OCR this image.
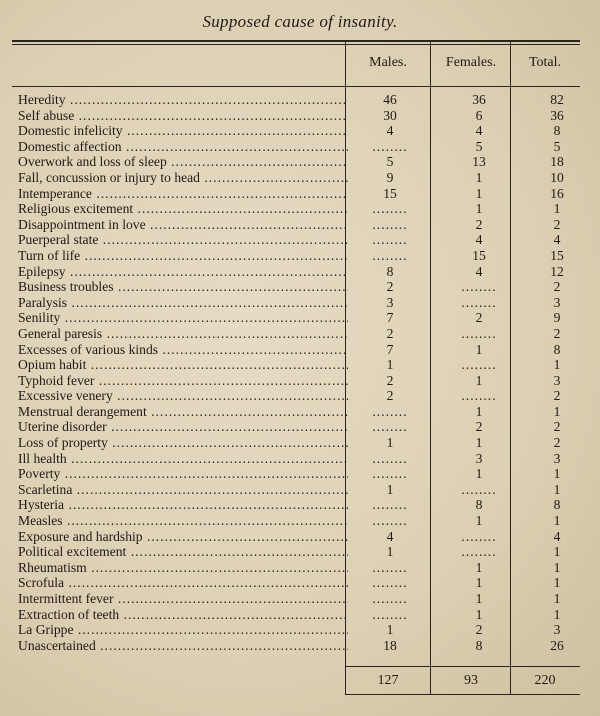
Supposed cause of insanity.
Males.	Females.	Total.
Heredity .....	46	36	82
Self abuse .....	30	6	36
Domestic infelicity .....	4	4	8
Domestic affection .....	........	5	5
Overwork and loss of sleep .....	5	13	18
Fall, concussion or injury to head .....	9	1	10
Intemperance .....	15	1	16
Religious excitement .....	........	1	1
Disappointment in love .....	........	2	2
Puerperal state .....	........	4	4
Turn of life .....	........	15	15
Epilepsy .....	8	4	12
Business troubles .....	2	........	2
Paralysis .....	3	........	3
Senility .....	7	2	9
General paresis .....	2	........	2
Excesses of various kinds .....	7	1	8
Opium habit .....	1	........	1
Typhoid fever .....	2	1	3
Excessive venery .....	2	........	2
Menstrual derangement .....	........	1	1
Uterine disorder .....	........	2	2
Loss of property .....	1	1	2
Ill health .....	........	3	3
Poverty .....	........	1	1
Scarletina .....	1	........	1
Hysteria .....	........	8	8
Measles .....	........	1	1
Exposure and hardship .....	4	........	4
Political excitement .....	1	........	1
Rheumatism .....	........	1	1
Scrofula .....	........	1	1
Intermittent fever .....	........	1	1
Extraction of teeth .....	........	1	1
La Grippe .....	1	2	3
Unascertained .....	18	8	26
127	93	220
